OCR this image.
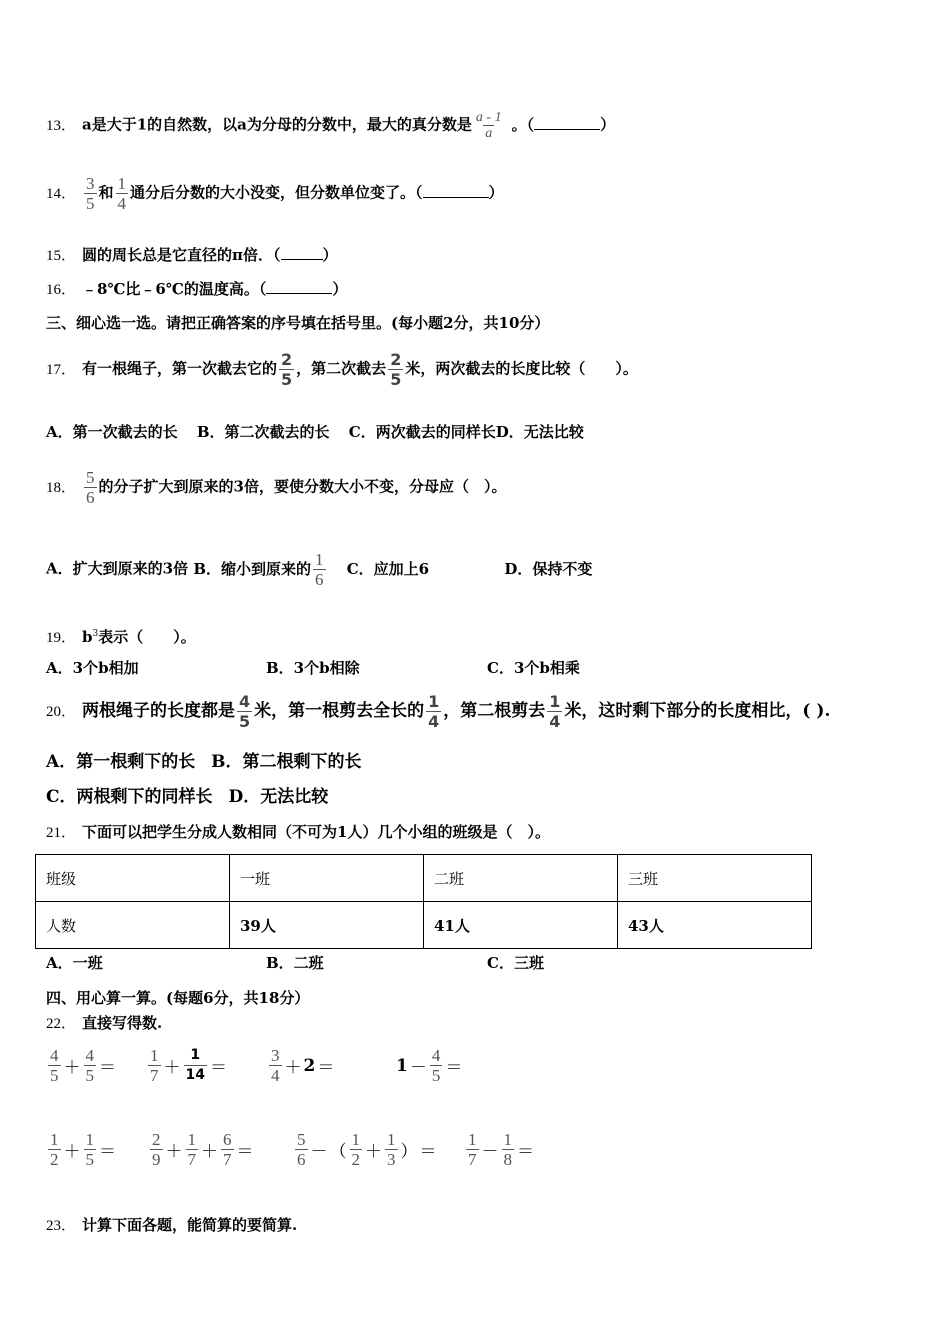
13． a是大于1的自然数，以a为分母的分数中，最大的真分数是 $\frac{a - 1}{a}$ 。（	）
14． $\frac{3}{5}$ 和 $\frac{1}{4}$ 通分后分数的大小没变，但分数单位变了。（	）
15． 圆的周长总是它直径的π倍．（	）
16． ﹣8℃比﹣6℃的温度高。（	）
三、细心选一选。请把正确答案的序号填在括号里。(每小题2分，共10分）
17． 有一根绳子，第一次截去它的 $\frac{2}{5}$ ，第二次截去 $\frac{2}{5}$ 米，两次截去的长度比较（　　）。
A．第一次截去的长 B．第二次截去的长 C．两次截去的同样长D．无法比较
18． $\frac{5}{6}$ 的分子扩大到原来的3倍，要使分数大小不变，分母应（　）。
A．扩大到原来的3倍 B．缩小到原来的 $\frac{1}{6}$ C．应加上6	D．保持不变
19． $b^3$表示（　　）。
A．3个b相加	B．3个b相除	C．3个b相乘
20． 两根绳子的长度都是 $\frac{4}{5}$ 米，第一根剪去全长的 $\frac{1}{4}$ ，第二根剪去 $\frac{1}{4}$ 米，这时剩下部分的长度相比，( ).
A．第一根剩下的长 B．第二根剩下的长
C．两根剩下的同样长 D．无法比较
21． 下面可以把学生分成人数相同（不可为1人）几个小组的班级是（　）。
班级	一班	二班	三班
人数	39人	41人	43人
A．一班	B．二班	C．三班
四、用心算一算。(每题6分，共18分）
22． 直接写得数.
$\frac{4}{5} + \frac{4}{5} = \frac{1}{7} + \frac{1}{14} = \frac{3}{4} + 2$ ＝	$1 - \frac{4}{5}$ ＝
$\frac{1}{2} + \frac{1}{5} = \frac{2}{9} + \frac{1}{7} + \frac{6}{7} = \frac{5}{6}$ － （ $\frac{1}{2} + \frac{1}{3}$ ） ＝ $\frac{1}{7} - \frac{1}{8}$ ＝
23． 计算下面各题，能简算的要简算.
